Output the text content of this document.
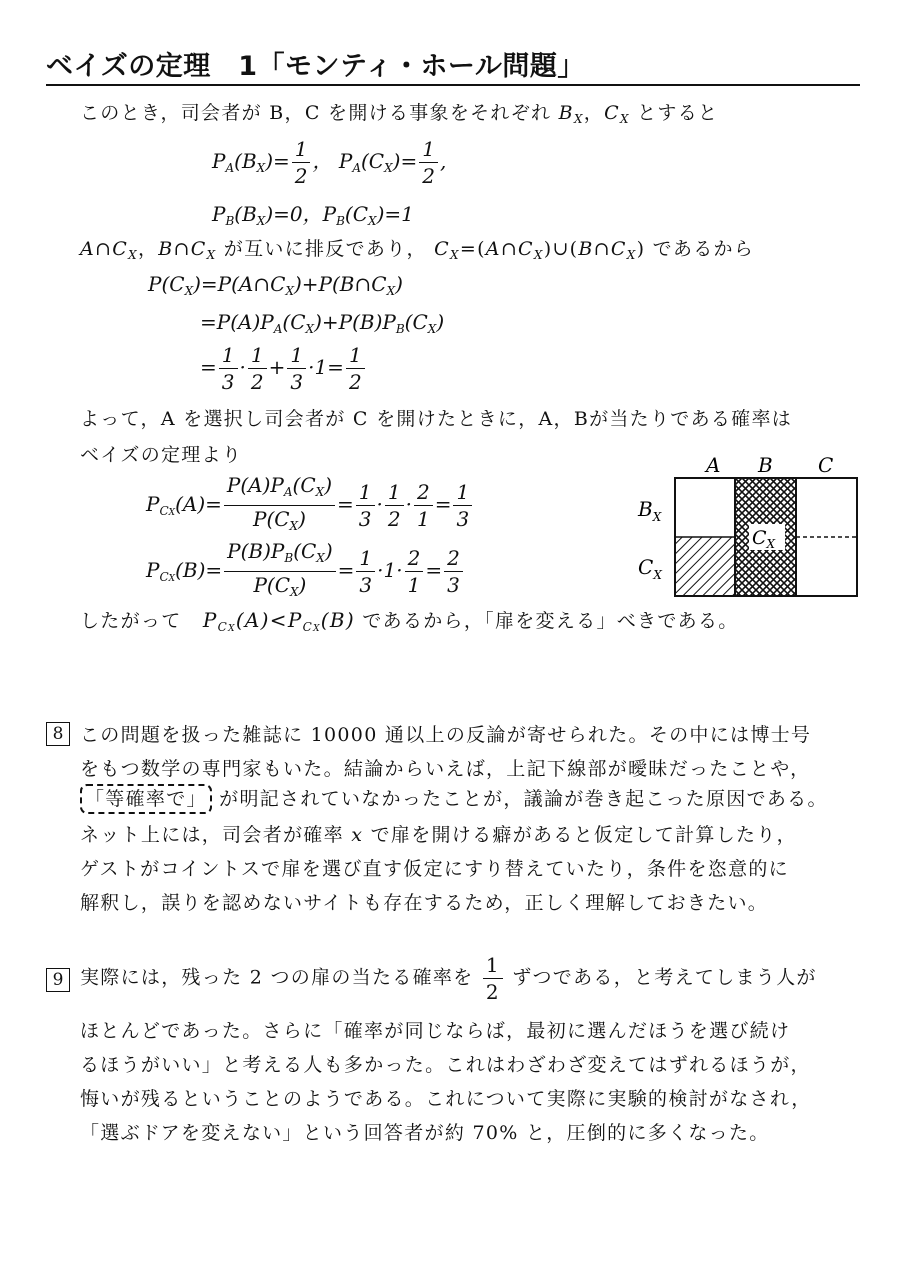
ベイズの定理　1「モンティ・ホール問題」
このとき，司会者が B，C を開ける事象をそれぞれ $B_X$，$C_X$ とすると
$P_A(B_X)= \frac{1}{2}$ ， $P_A(C_X)= \frac{1}{2}$ ,
$P_B(B_X)=0$，$P_B(C_X)=1$
$A\cap C_X$，$B\cap C_X$ が互いに排反であり， $C_X=(A\cap C_X)\cup(B\cap C_X)$ であるから
$P(C_X)=P(A\cap C_X)+P(B\cap C_X)$
$=P(A)P_A(C_X)+P(B)P_B(C_X)$
= $\frac{1}{3} \cdot \frac{1}{2} + \frac{1}{3} \cdot 1= \frac{1}{2}$
よって，A を選択し司会者が C を開けたときに，A，Bが当たりである確率は
ベイズの定理より
$P_{CX}(A)= \frac{P(A)P_A(C_X)}{P(C_X)} = \frac{1}{3} \cdot \frac{1}{2} \cdot \frac{2}{1} = \frac{1}{3}$
$P_{CX}(B)= \frac{P(B)P_B(C_X)}{P(C_X)} = \frac{1}{3} \cdot 1\cdot \frac{2}{1} = \frac{2}{3}$
A B C
$C_X$
$B_X$
$C_X$
したがって $P_{CX}(A)<P_{CX}(B)$ であるから，「扉を変える」べきである。
8 この問題を扱った雑誌に 10000 通以上の反論が寄せられた。その中には博士号
をもつ数学の専門家もいた。結論からいえば，上記下線部が曖昧だったことや，
「等確率で」 が明記されていなかったことが，議論が巻き起こった原因である。
ネット上には，司会者が確率 x で扉を開ける癖があると仮定して計算したり，
ゲストがコイントスで扉を選び直す仮定にすり替えていたり，条件を恣意的に
解釈し，誤りを認めないサイトも存在するため，正しく理解しておきたい。
9 実際には，残った 2 つの扉の当たる確率を $\frac{1}{2}$ ずつである，と考えてしまう人が
ほとんどであった。さらに「確率が同じならば，最初に選んだほうを選び続け
るほうがいい」と考える人も多かった。これはわざわざ変えてはずれるほうが，
悔いが残るということのようである。これについて実際に実験的検討がなされ，
「選ぶドアを変えない」という回答者が約 70% と，圧倒的に多くなった。
